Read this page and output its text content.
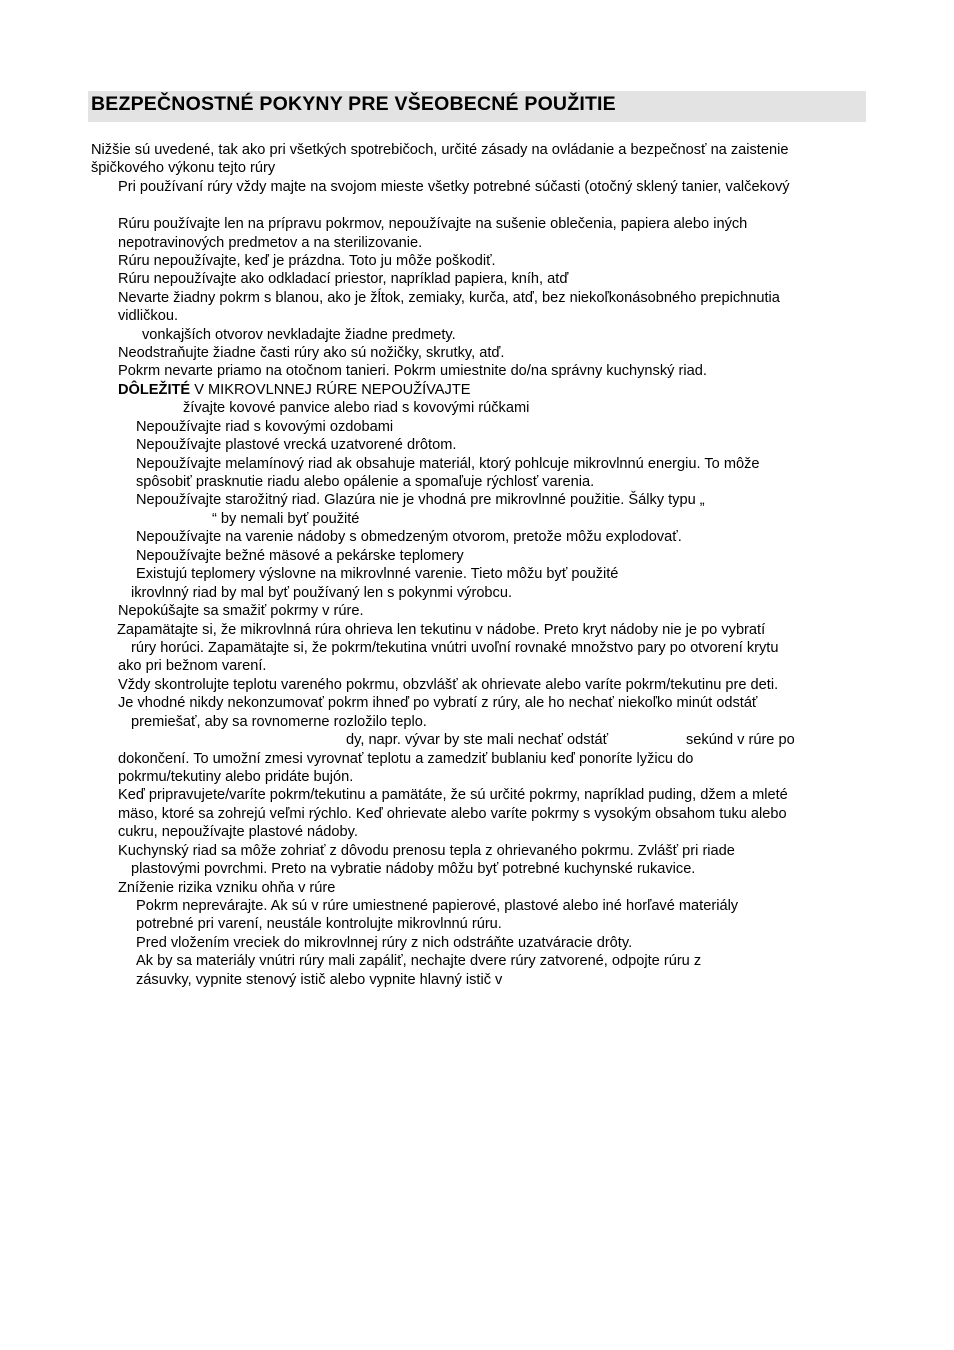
BEZPEČNOSTNÉ POKYNY PRE VŠEOBECNÉ POUŽITIE
Nižšie sú uvedené, tak ako pri všetkých spotrebičoch, určité zásady na ovládanie a bezpečnosť na zaistenie
špičkového výkonu tejto rúry
Pri používaní rúry vždy majte na svojom mieste všetky potrebné súčasti (otočný sklený tanier, valčekový
Rúru používajte len na prípravu pokrmov, nepoužívajte na sušenie oblečenia, papiera alebo iných
nepotravinových predmetov a na sterilizovanie.
Rúru nepoužívajte, keď je prázdna. Toto ju môže poškodiť.
Rúru nepoužívajte ako odkladací priestor, napríklad papiera, kníh, atď
Nevarte žiadny pokrm s blanou, ako je žĺtok, zemiaky, kurča, atď, bez niekoľkonásobného prepichnutia
vidličkou.
vonkajších otvorov nevkladajte žiadne predmety.
Neodstraňujte žiadne časti rúry ako sú nožičky, skrutky, atď.
Pokrm nevarte priamo na otočnom tanieri. Pokrm umiestnite do/na správny kuchynský riad.
DÔLEŽITÉ V MIKROVLNNEJ RÚRE NEPOUŽÍVAJTE
žívajte kovové panvice alebo riad s kovovými rúčkami
Nepoužívajte riad s kovovými ozdobami
Nepoužívajte plastové vrecká uzatvorené drôtom.
Nepoužívajte melamínový riad ak obsahuje materiál, ktorý pohlcuje mikrovlnnú energiu. To môže
spôsobiť prasknutie riadu alebo opálenie a spomaľuje rýchlosť varenia.
Nepoužívajte starožitný riad. Glazúra nie je vhodná pre mikrovlnné použitie. Šálky typu „
“ by nemali byť použité
Nepoužívajte na varenie nádoby s obmedzeným otvorom, pretože môžu explodovať.
Nepoužívajte bežné mäsové a pekárske teplomery
Existujú teplomery výslovne na mikrovlnné varenie. Tieto môžu byť použité
ikrovlnný riad by mal byť používaný len s pokynmi výrobcu.
Nepokúšajte sa smažiť pokrmy v rúre.
Zapamätajte si, že mikrovlnná rúra ohrieva len tekutinu v nádobe. Preto kryt nádoby nie je po vybratí
rúry horúci. Zapamätajte si, že pokrm/tekutina vnútri uvoľní rovnaké množstvo pary po otvorení krytu
ako pri bežnom varení.
Vždy skontrolujte teplotu vareného pokrmu, obzvlášť ak ohrievate alebo varíte pokrm/tekutinu pre deti.
Je vhodné nikdy nekonzumovať pokrm ihneď po vybratí z rúry, ale ho nechať niekoľko minút odstáť
premiešať, aby sa rovnomerne rozložilo teplo.
dy, napr. vývar by ste mali nechať odstáť	sekúnd v rúre po
dokončení. To umožní zmesi vyrovnať teplotu a zamedziť bublaniu keď ponoríte lyžicu do
pokrmu/tekutiny alebo pridáte bujón.
Keď pripravujete/varíte pokrm/tekutinu a pamätáte, že sú určité pokrmy, napríklad puding, džem a mleté
mäso, ktoré sa zohrejú veľmi rýchlo. Keď ohrievate alebo varíte pokrmy s vysokým obsahom tuku alebo
cukru, nepoužívajte plastové nádoby.
Kuchynský riad sa môže zohriať z dôvodu prenosu tepla z ohrievaného pokrmu. Zvlášť pri riade
plastovými povrchmi. Preto na vybratie nádoby môžu byť potrebné kuchynské rukavice.
Zníženie rizika vzniku ohňa v rúre
Pokrm neprevárajte. Ak sú v rúre umiestnené papierové, plastové alebo iné horľavé materiály
potrebné pri varení, neustále kontrolujte mikrovlnnú rúru.
Pred vložením vreciek do mikrovlnnej rúry z nich odstráňte uzatváracie drôty.
Ak by sa materiály vnútri rúry mali zapáliť, nechajte dvere rúry zatvorené, odpojte rúru z
zásuvky, vypnite stenový istič alebo vypnite hlavný istič v
